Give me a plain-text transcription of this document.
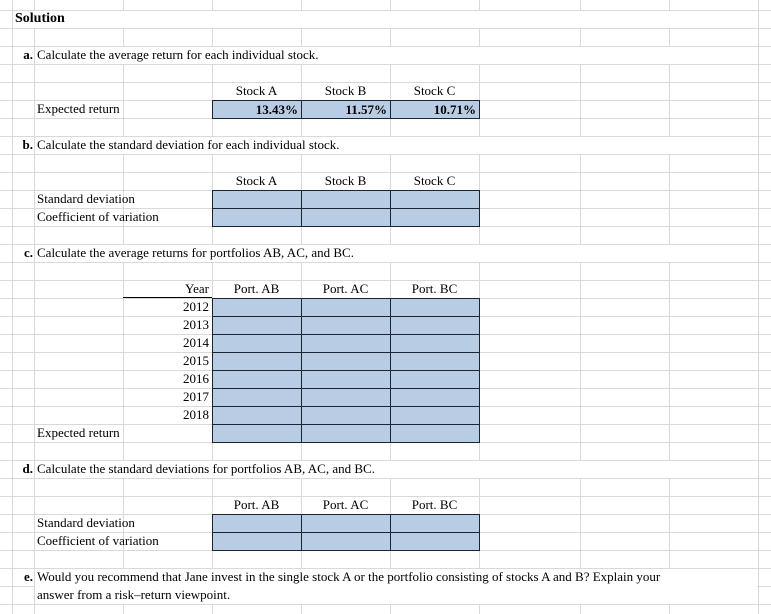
Solution
a. Calculate the average return for each individual stock.
Stock A	Stock B	Stock C
Expected return	13.43%	11.57%	10.71%
b. Calculate the standard deviation for each individual stock.
Stock A	Stock B	Stock C
Standard deviation
Coefficient of variation
c. Calculate the average returns for portfolios AB, AC, and BC.
Year	Port. AB	Port. AC	Port. BC
2012
2013
2014
2015
2016
2017
2018
Expected return
d. Calculate the standard deviations for portfolios AB, AC, and BC.
Port. AB	Port. AC	Port. BC
Standard deviation
Coefficient of variation
e. Would you recommend that Jane invest in the single stock A or the portfolio consisting of stocks A and B? Explain your
answer from a risk–return viewpoint.
